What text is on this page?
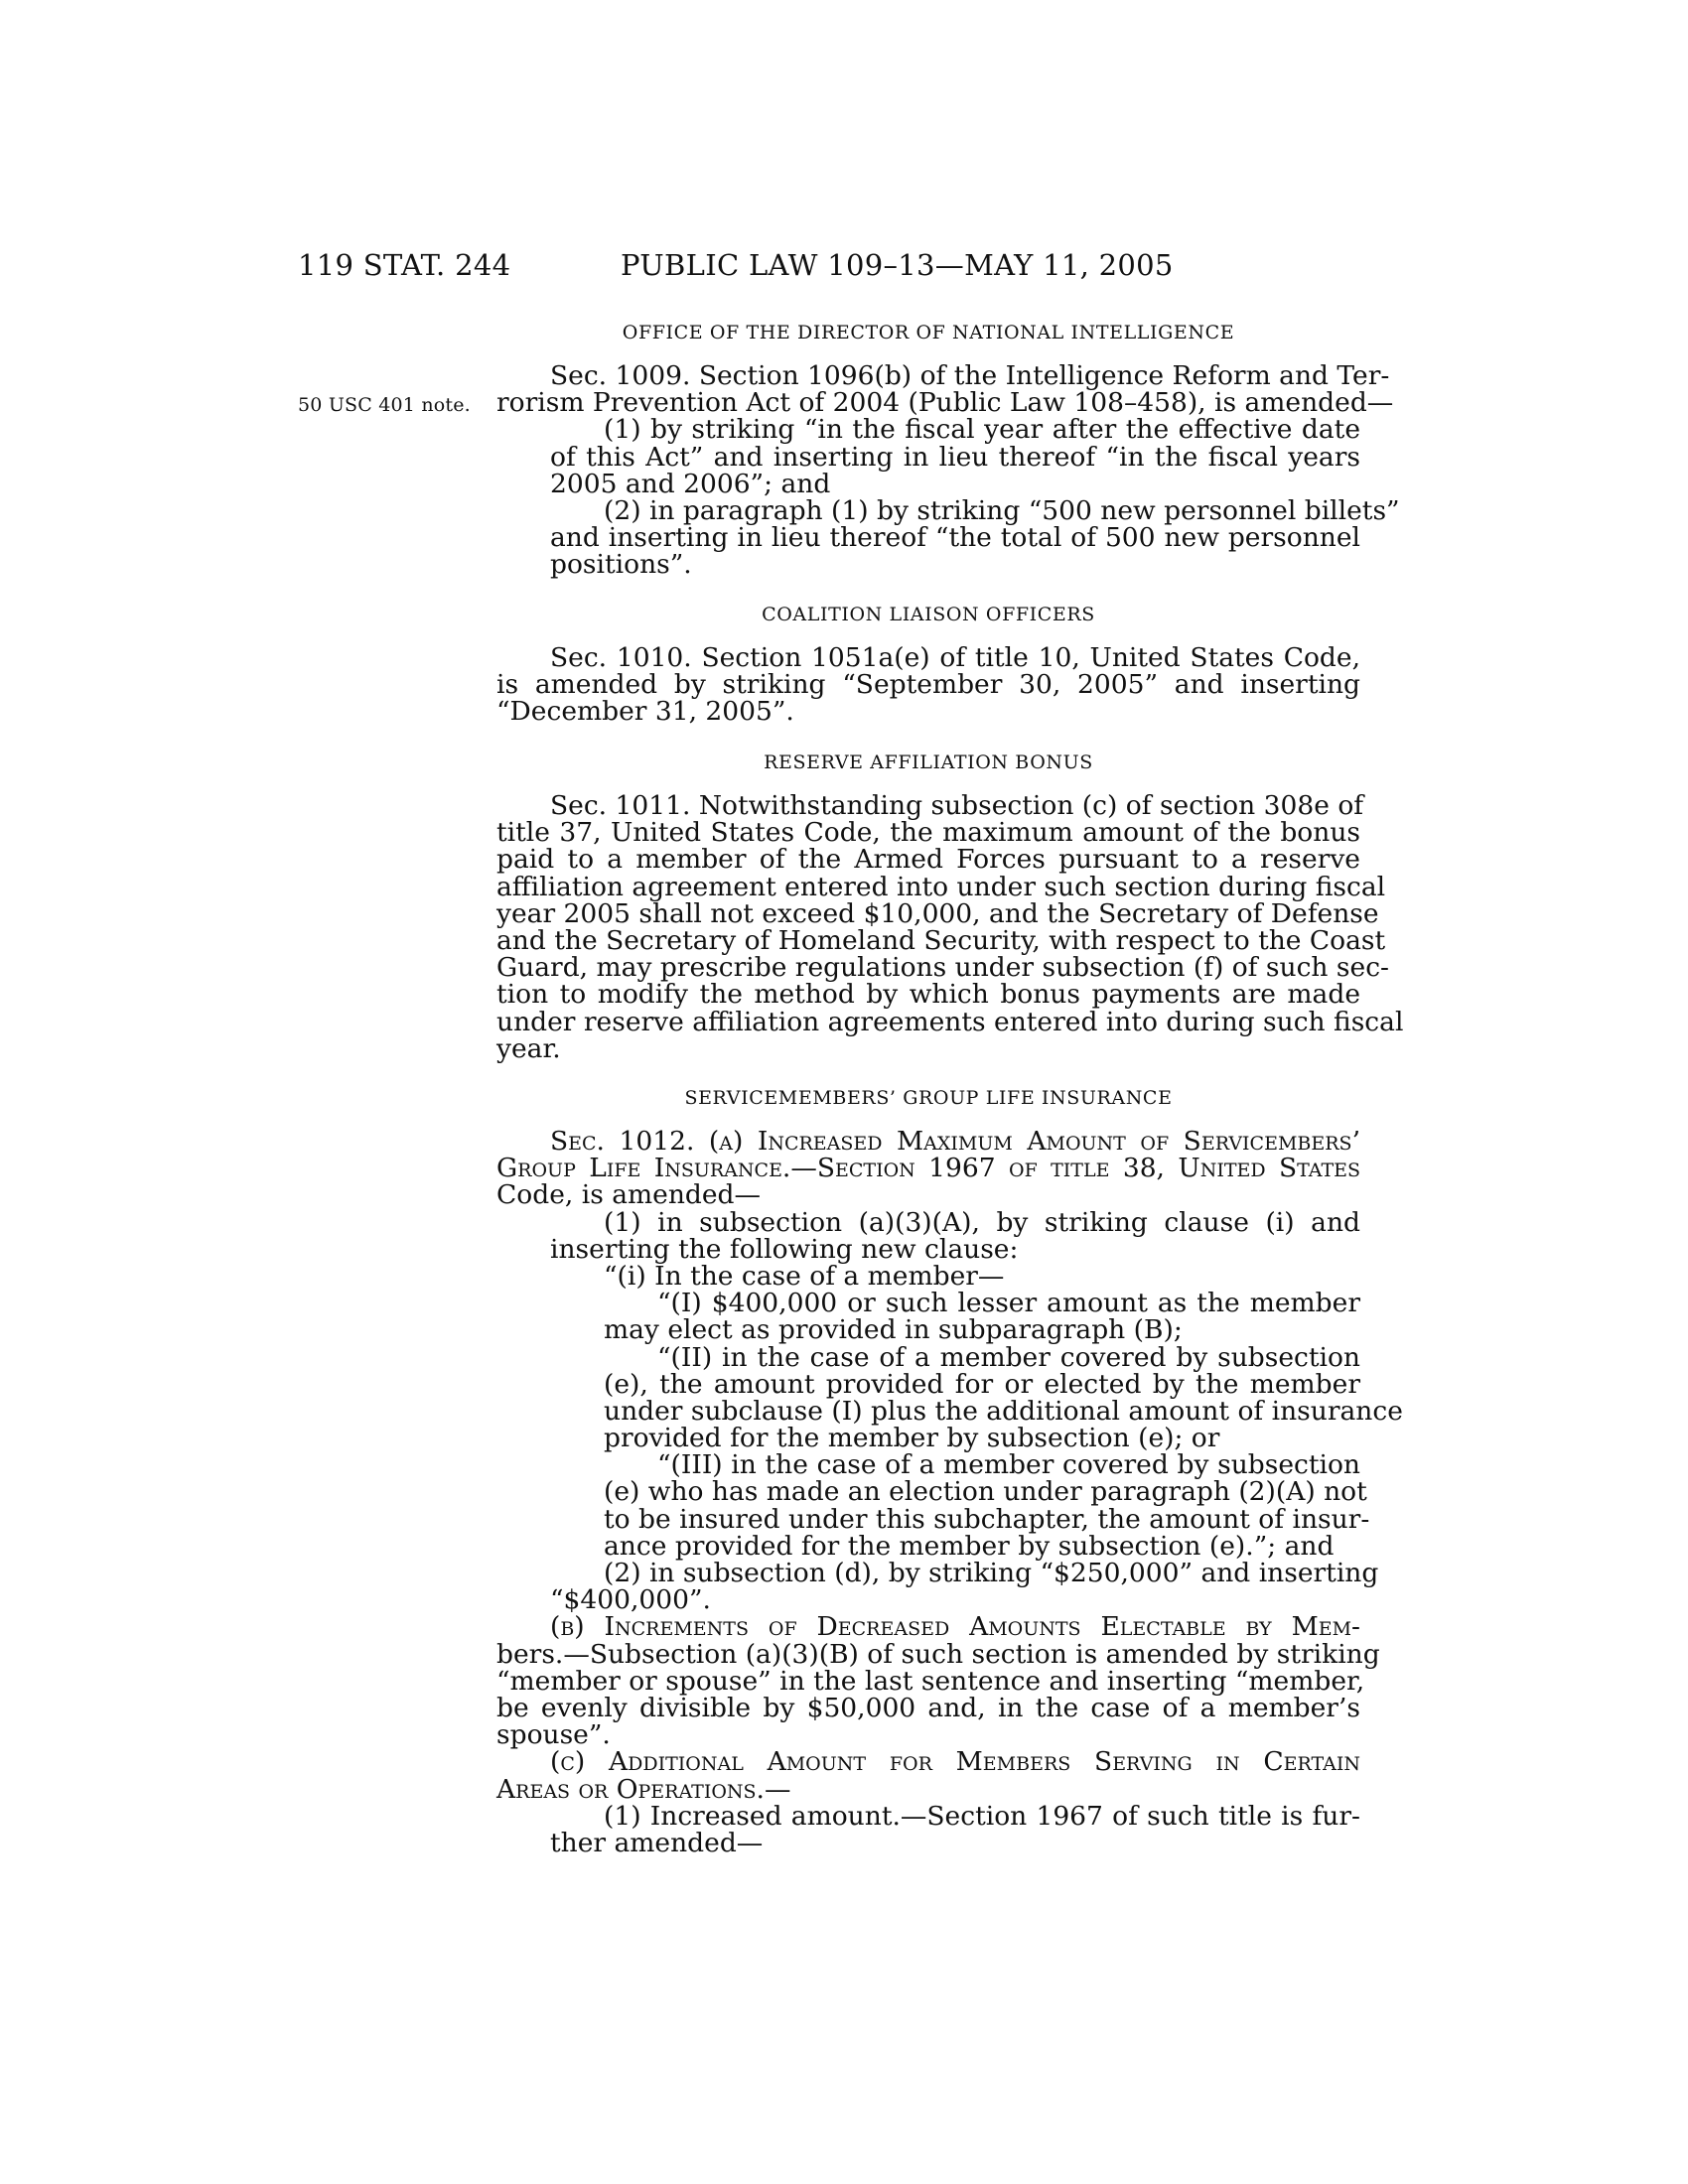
119 STAT. 244	PUBLIC LAW 109–13—MAY 11, 2005
50 USC 401 note.
OFFICE OF THE DIRECTOR OF NATIONAL INTELLIGENCE
Sec. 1009. Section 1096(b) of the Intelligence Reform and Ter-
rorism Prevention Act of 2004 (Public Law 108–458), is amended—
(1) by striking “in the fiscal year after the effective date
of this Act” and inserting in lieu thereof “in the fiscal years
2005 and 2006”; and
(2) in paragraph (1) by striking “500 new personnel billets”
and inserting in lieu thereof “the total of 500 new personnel
positions”.
COALITION LIAISON OFFICERS
Sec. 1010. Section 1051a(e) of title 10, United States Code,
is amended by striking “September 30, 2005” and inserting
“December 31, 2005”.
RESERVE AFFILIATION BONUS
Sec. 1011. Notwithstanding subsection (c) of section 308e of
title 37, United States Code, the maximum amount of the bonus
paid to a member of the Armed Forces pursuant to a reserve
affiliation agreement entered into under such section during fiscal
year 2005 shall not exceed $10,000, and the Secretary of Defense
and the Secretary of Homeland Security, with respect to the Coast
Guard, may prescribe regulations under subsection (f) of such sec-
tion to modify the method by which bonus payments are made
under reserve affiliation agreements entered into during such fiscal
year.
SERVICEMEMBERS’ GROUP LIFE INSURANCE
Sec. 1012. (a) Increased Maximum Amount of Servicembers’
Group Life Insurance.—Section 1967 of title 38, United States
Code, is amended—
(1) in subsection (a)(3)(A), by striking clause (i) and
inserting the following new clause:
“(i) In the case of a member—
“(I) $400,000 or such lesser amount as the member
may elect as provided in subparagraph (B);
“(II) in the case of a member covered by subsection
(e), the amount provided for or elected by the member
under subclause (I) plus the additional amount of insurance
provided for the member by subsection (e); or
“(III) in the case of a member covered by subsection
(e) who has made an election under paragraph (2)(A) not
to be insured under this subchapter, the amount of insur-
ance provided for the member by subsection (e).”; and
(2) in subsection (d), by striking “$250,000” and inserting
“$400,000”.
(b) Increments of Decreased Amounts Electable by Mem-
bers.—Subsection (a)(3)(B) of such section is amended by striking
“member or spouse” in the last sentence and inserting “member,
be evenly divisible by $50,000 and, in the case of a member’s
spouse”.
(c) Additional Amount for Members Serving in Certain
Areas or Operations.—
(1) Increased amount.—Section 1967 of such title is fur-
ther amended—
